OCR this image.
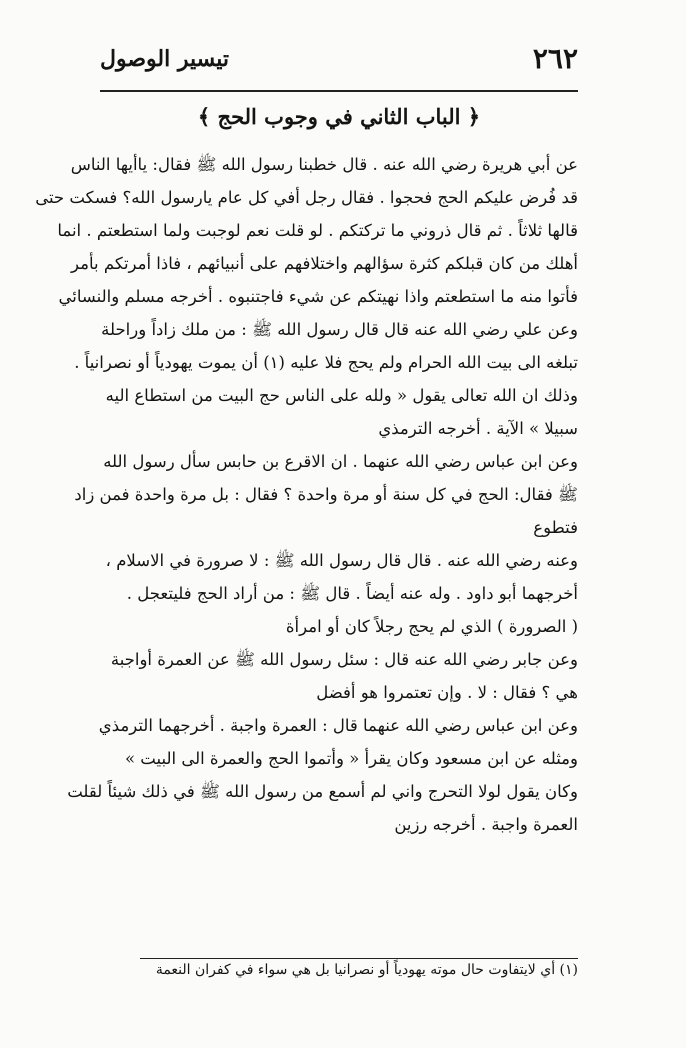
٢٦٢
تيسير الوصول
﴿ الباب الثاني في وجوب الحج ﴾
عن أبي هريرة رضي الله عنه . قال خطبنا رسول الله ﷺ فقال: ياأيها الناس
قد فُرض عليكم الحج فحجوا . فقال رجل أفي كل عام يارسول الله؟ فسكت حتى
قالها ثلاثاً . ثم قال ذروني ما تركتكم . لو قلت نعم لوجبت ولما استطعتم . انما
أهلك من كان قبلكم كثرة سؤالهم واختلافهم على أنبيائهم ، فاذا أمرتكم بأمر
فأتوا منه ما استطعتم واذا نهيتكم عن شيء فاجتنبوه . أخرجه مسلم والنسائي
وعن علي رضي الله عنه قال قال رسول الله ﷺ : من ملك زاداً وراحلة
تبلغه الى بيت الله الحرام ولم يحج فلا عليه (١) أن يموت يهودياً أو نصرانياً .
وذلك ان الله تعالى يقول « ولله على الناس حج البيت من استطاع اليه
سبيلا » الآية . أخرجه الترمذي
وعن ابن عباس رضي الله عنهما . ان الاقرع بن حابس سأل رسول الله
ﷺ فقال: الحج في كل سنة أو مرة واحدة ؟ فقال : بل مرة واحدة فمن زاد
فتطوع
وعنه رضي الله عنه . قال قال رسول الله ﷺ : لا صرورة في الاسلام ،
أخرجهما أبو داود . وله عنه أيضاً . قال ﷺ : من أراد الحج فليتعجل .
( الصرورة ) الذي لم يحج رجلاً كان أو امرأة
وعن جابر رضي الله عنه قال : سئل رسول الله ﷺ عن العمرة أواجبة
هي ؟ فقال : لا . وإن تعتمروا هو أفضل
وعن ابن عباس رضي الله عنهما قال : العمرة واجبة . أخرجهما الترمذي
ومثله عن ابن مسعود وكان يقرأ « وأتموا الحج والعمرة الى البيت »
وكان يقول لولا التحرج واني لم أسمع من رسول الله ﷺ في ذلك شيئاً لقلت
العمرة واجبة . أخرجه رزين
(١) أي لايتفاوت حال موته يهودياً أو نصرانيا بل هي سواء في كفران النعمة
